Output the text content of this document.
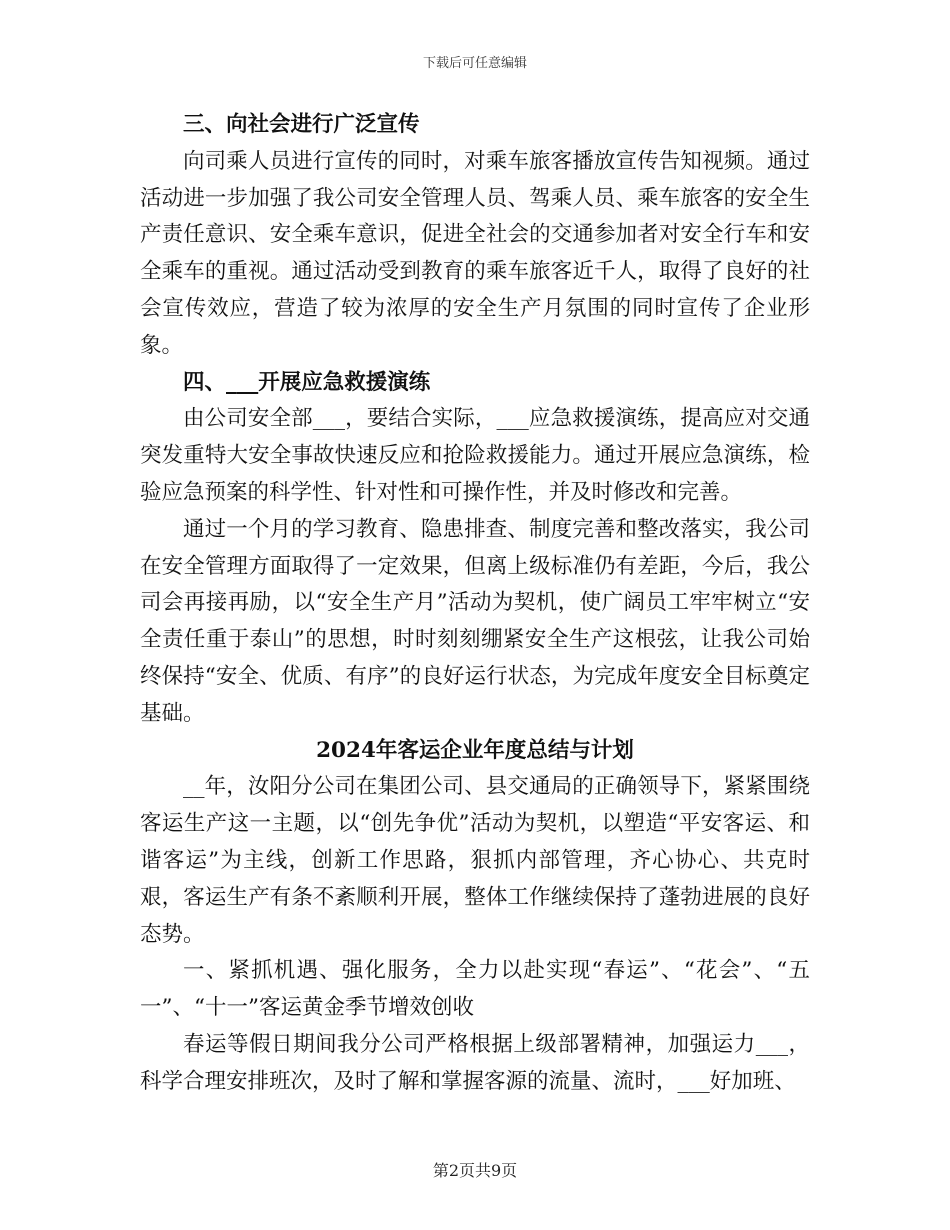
下载后可任意编辑

三、向社会进行广泛宣传

向司乘人员进行宣传的同时，对乘车旅客播放宣传告知视频。通过活动进一步加强了我公司安全管理人员、驾乘人员、乘车旅客的安全生产责任意识、安全乘车意识，促进全社会的交通参加者对安全行车和安全乘车的重视。通过活动受到教育的乘车旅客近千人，取得了良好的社会宣传效应，营造了较为浓厚的安全生产月氛围的同时宣传了企业形象。

四、___开展应急救援演练

由公司安全部___，要结合实际，___应急救援演练，提高应对交通突发重特大安全事故快速反应和抢险救援能力。通过开展应急演练，检验应急预案的科学性、针对性和可操作性，并及时修改和完善。

通过一个月的学习教育、隐患排查、制度完善和整改落实，我公司在安全管理方面取得了一定效果，但离上级标准仍有差距，今后，我公司会再接再励，以“安全生产月”活动为契机，使广阔员工牢牢树立“安全责任重于泰山”的思想，时时刻刻绷紧安全生产这根弦，让我公司始终保持“安全、优质、有序”的良好运行状态，为完成年度安全目标奠定基础。

2024年客运企业年度总结与计划

__年，汝阳分公司在集团公司、县交通局的正确领导下，紧紧围绕客运生产这一主题，以“创先争优”活动为契机，以塑造“平安客运、和谐客运”为主线，创新工作思路，狠抓内部管理，齐心协心、共克时艰，客运生产有条不紊顺利开展，整体工作继续保持了蓬勃进展的良好态势。

一、紧抓机遇、强化服务，全力以赴实现“春运”、“花会”、“五一”、“十一”客运黄金季节增效创收

春运等假日期间我分公司严格根据上级部署精神，加强运力___，科学合理安排班次，及时了解和掌握客源的流量、流时，___好加班、

第2页共9页
